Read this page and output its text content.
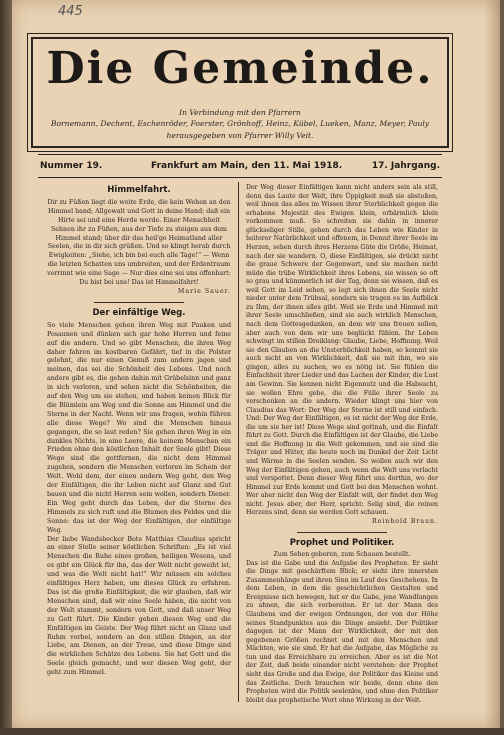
445
Die Gemeinde.
In Verbindung mit den Pfarrern
Bornemann, Dechent, Eschenröder, Foerster, Grönhoff, Heinz, Kübel, Lueken, Manz, Meyer, Pauly
herausgegeben von Pfarrer Willy Veit.
Nummer 19.	Frankfurt am Main, den 11. Mai 1918.	17. Jahrgang.
Himmelfahrt.

Dir zu Füßen liegt die weite Erde, die kein Wehen an den Himmel band; Allgewalt und Gott in deine Hand; daß ein Hirte sei und eine Herde werde. Einer Menschheit Sehnen ihr zu Füßen, aus der Tiefe zu steigen aus dem Himmel stand; über dir das heil'ge Heimatland aller Seelen, die in dir sich grüßen. Und so klingt herab durch Ewigkeiten: „Siehe, ich bin bei euch alle Tage!“ — Wenn die letzten Schatten uns umbreiten, und der Erdentraum verrinnt wie eine Sage — Nur dies eine sei uns offenbart: Du bist bei uns! Das ist Himmelfahrt!

Marie Sauer.

Der einfältige Weg.

So viele Menschen gehen ihren Weg mit Pauken und Posaunen und dünken sich gar hohe Herren und feine auf die andern. Und so gibt Menschen, die ihren Weg daher fahren im kostbaren Gefährt, tief in die Polster gelehnt, die nur einen Genuß zum andern jagen und meinen, das sei die Schönheit des Lebens. Und noch andere gibt es, die gehen dahin mit Grübelsinn und ganz in sich verloren, und sehen nicht die Schönheiten, die auf den Weg um sie stehen, und haben keinen Blick für die Blümlein am Weg und die Sonne am Himmel und die Sterne in der Nacht. Wenn wir uns fragen, wohin führen alle diese Wege? Wo sind die Menschen hinaus gegangen, die so laut reden? Sie gehen ihren Weg in ein dunkles Nichts, in eine Leere, die keinem Menschen ein Frieden ohne den köstlichen Inhalt der Seele gibt! Diese Wege sind die gottfernen, die nicht dem Himmel zugehen, sondern die Menschen verloren im Schein der Welt. Wohl dem, der einen andern Weg geht, den Weg der Einfältigen, die ihr Leben nicht auf Glanz und Gut bauen und die nicht Herren sein wollen, sondern Diener. Ein Weg geht durch das Leben, der die Sterne des Himmels zu sich ruft und die Blumen des Feldes und die Sonne: das ist der Weg der Einfältigen, der einfältige Weg.

Der liebe Wandsbecker Bote Matthias Claudius spricht an einer Stelle seiner köstlichen Schriften: „Es ist viel Menschen die Ruhe eines großen, heiligen Wesens, und es gibt ein Glück für ihn, das der Welt nicht geweiht ist, und was die Welt nicht hat!“ Wir müssen ein solches einfältiges Herz haben, um dieses Glück zu erfahren. Das ist die große Einfältigkeit, die wir glauben, daß wir Menschen sind, daß wir eine Seele haben, die nicht von der Welt stammt, sondern von Gott, und daß unser Weg zu Gott führt. Die Kinder gehen diesen Weg und die Einfältigen im Geiste. Der Weg führt nicht an Glanz und Ruhm vorbei, sondern an den stillen Dingen, an der Liebe, am Dienen, an der Treue, und diese Dinge sind die wirklichen Schätze des Lebens. Sie hat Gott und die Seele gleich gemacht, und wer diesen Weg geht, der geht zum Himmel.

Der Weg dieser Einfältigen kann nicht anders sein als still, denn das Laute der Welt, ihre Üppigkeit muß sie abstoßen, weil ihnen das alles im Wissen ihrer Sterblichkeit gegen die erhabene Majestät des Ewigen klein, erbärmlich klein vorkommen muß. So schreiten sie dahin in innerer glückseliger Stille, gehen durch das Leben wie Kinder in heiterer Natürlichkeit und offenem, in Demut ihrer Seele im Herzen, sehen durch ihres Herzens Güte die Größe, Heimat, nach der sie wandern. O, diese Einfältigen, sie drückt nicht die graue Schwere der Gegenwart, und sie machen nicht müde die trübe Wirklichkeit ihres Lebens, sie wissen so oft so grau und kümmerlich ist der Tag, denn sie wissen, daß es weil Gott im Leid sehen, so legt sich ihnen die Seele nicht nieder unter dem Trübsal, sondern sie tragen es im Aufblick zu Ihm, der ihnen alles gibt. Weil sie Erde und Himmel mit ihrer Seele umschließen, sind sie auch wirklich Menschen, nach dem Gottesgedanken, an dem wir uns freuen sollen, aber auch von dem wir uns beglückt fühlen. Ihr Leben schwingt im stillen Dreiklang: Glaube, Liebe, Hoffnung. Weil sie den Glauben an die Unsterblichkeit haben, so kommt sie auch nicht an von Wirklichkeit, daß sie mit ihm, wo sie gingen, alles zu suchen, wo es nötig ist. Sie fühlen die Einfachheit ihrer Lieder und das Lachen der Kinder, die Lust am Gewinn. Sie kennen nicht Eigennutz und die Habsucht, sie wollen Ehre gebe, die die Fülle ihrer Seele zu verschenken an die andern. Wieder klingt uns hier von Claudius das Wort: Der Weg der Sterne ist still und einfach. Und: Der Weg der Einfältigen, es ist nicht der Weg der Erde, die um sie her ist! Diese Wege sind gottnah, und die Einfalt führt zu Gott. Durch die Einfältigen ist der Glaube, die Liebe und die Hoffnung in die Welt gekommen, und sie sind die Träger und Hüter, die heute noch im Dunkel der Zeit Licht und Wärme in die Seelen senden. So wollen auch wir den Weg der Einfältigen gehen, auch wenn die Welt uns verlacht und verspottet. Denn dieser Weg führt uns dorthin, wo der Himmel zur Erde kommt und Gott bei den Menschen wohnt. Wer aber nicht den Weg der Einfalt will, der findet den Weg nicht. Jesus aber, der Herr, spricht: Selig sind, die reinen Herzens sind, denn sie werden Gott schauen.

Reinhold Braun.

Prophet und Politiker.

Zum Sehen geboren, zum Schauen bestellt.

Das ist die Gabe und die Aufgabe des Propheten. Er sieht die Dinge mit geschärftem Blick; er sieht ihre innersten Zusammenhänge und ihren Sinn im Lauf des Geschehens. In dem Leben, in dem die geschichtlichen Gestalten und Ereignisse sich bewegen, hat er die Gabe, jene Wandlungen zu ahnen, die sich vorbereiten. Er ist der Mann des Glaubens und der ewigen Ordnungen, der von der Höhe seines Standpunktes aus die Dinge ansieht. Der Politiker dagegen ist der Mann der Wirklichkeit, der mit den gegebenen Größen rechnet und mit den Menschen und Mächten, wie sie sind. Er hat die Aufgabe, das Mögliche zu tun und das Erreichbare zu erreichen. Aber es ist die Not der Zeit, daß beide einander nicht verstehen: der Prophet sieht das Große und das Ewige, der Politiker das Kleine und das Zeitliche. Doch brauchen wir beide, denn ohne den Propheten wird die Politik seelenlos, und ohne den Politiker bleibt das prophetische Wort ohne Wirkung in der Welt.
